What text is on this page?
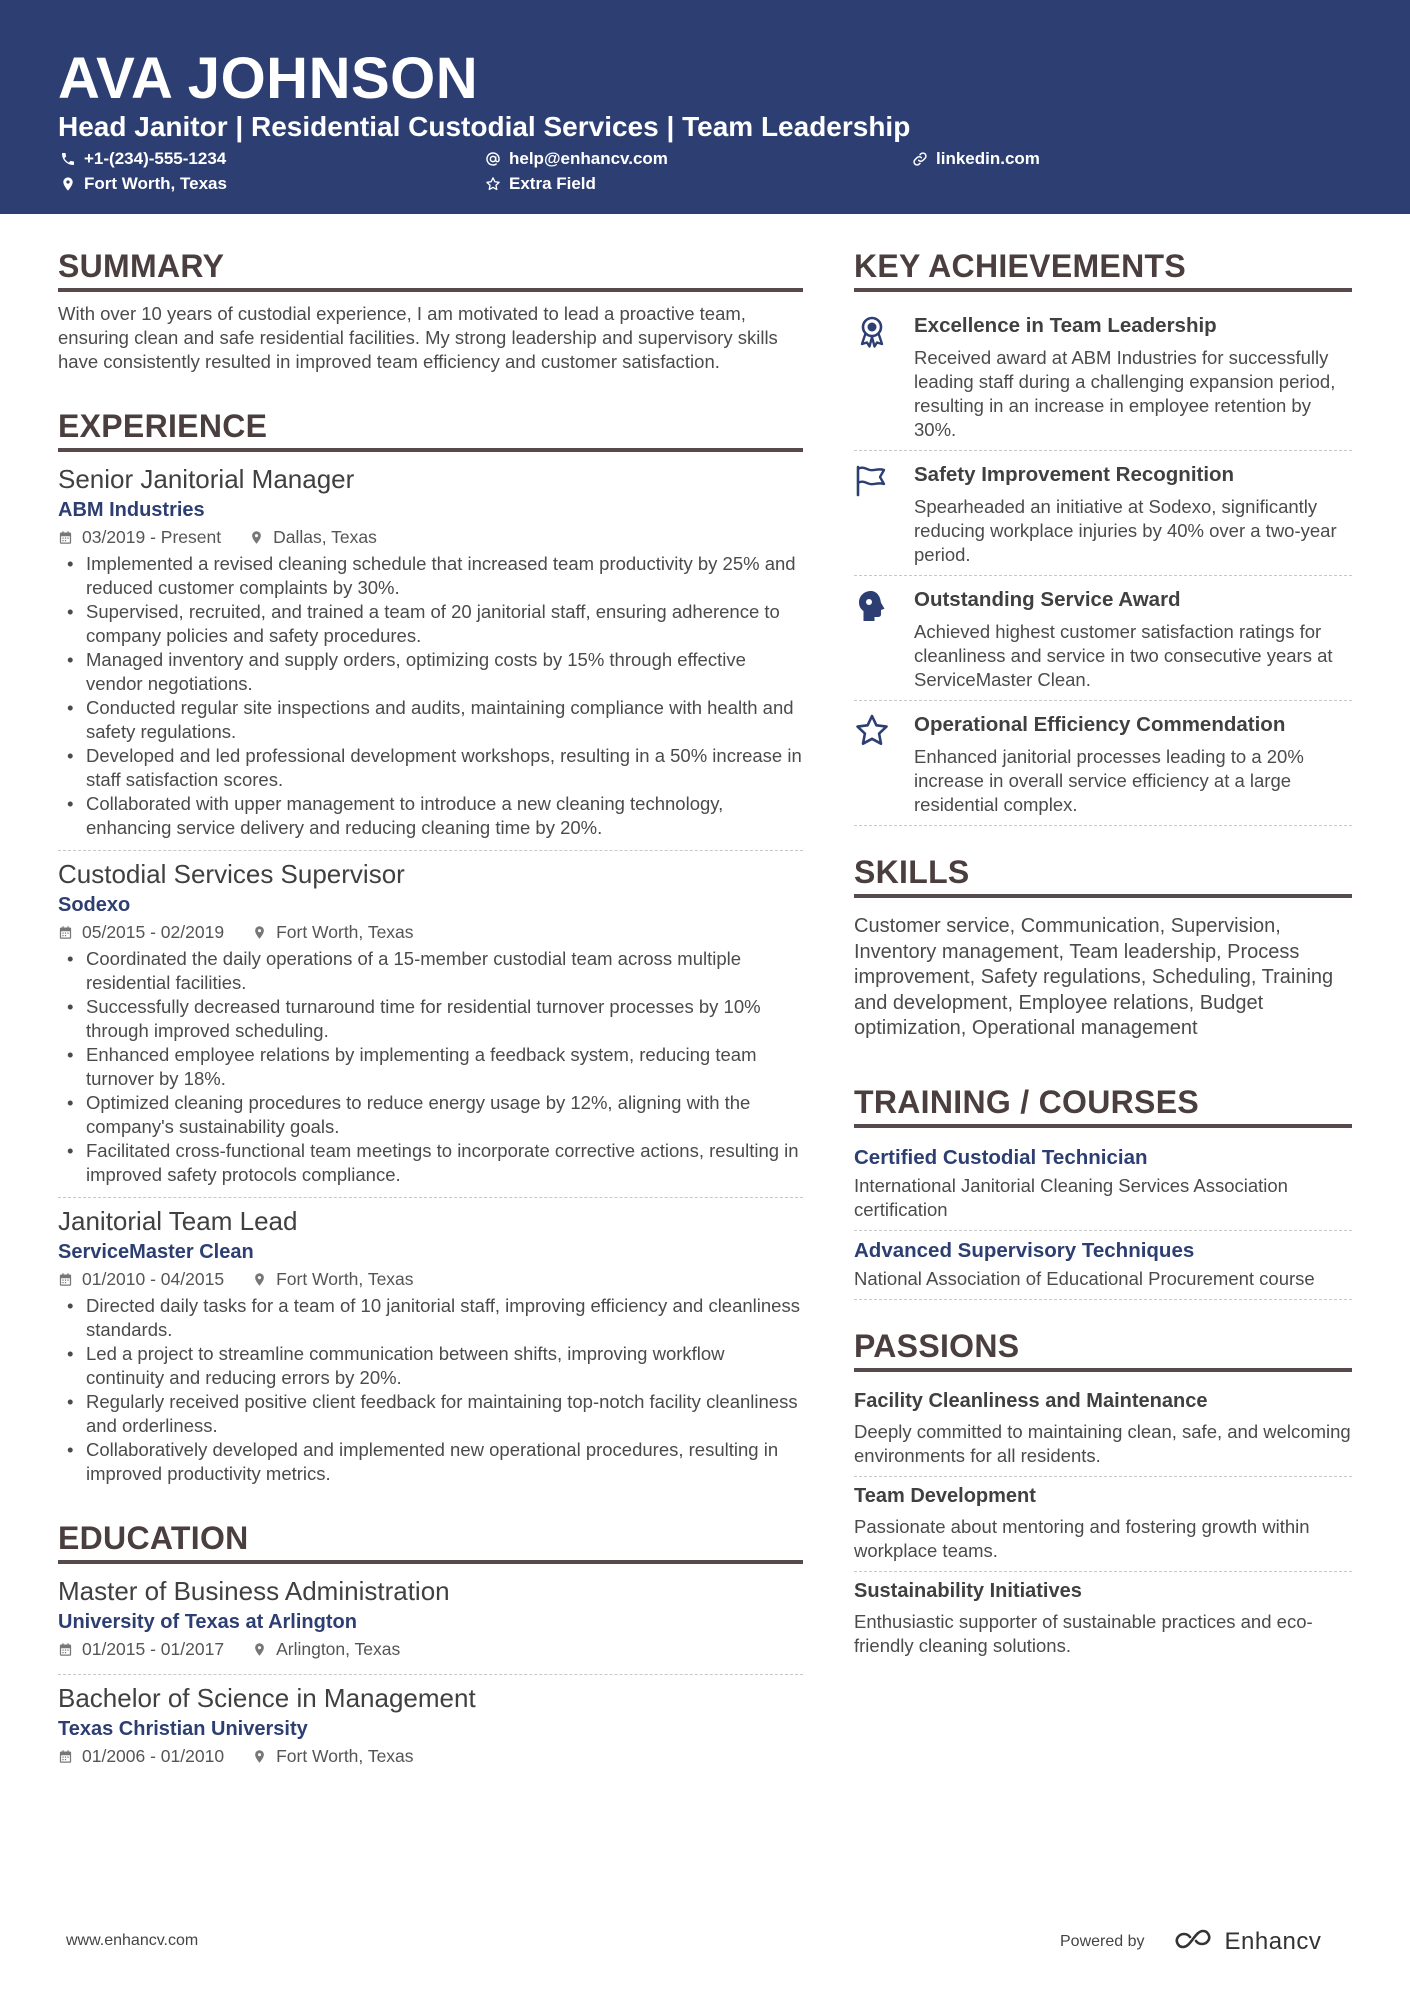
AVA JOHNSON
Head Janitor | Residential Custodial Services | Team Leadership
+1-(234)-555-1234	help@enhancv.com	linkedin.com
Fort Worth, Texas	Extra Field
SUMMARY
With over 10 years of custodial experience, I am motivated to lead a proactive team, ensuring clean and safe residential facilities. My strong leadership and supervisory skills have consistently resulted in improved team efficiency and customer satisfaction.
EXPERIENCE
Senior Janitorial Manager
ABM Industries
03/2019 - Present	Dallas, Texas
• Implemented a revised cleaning schedule that increased team productivity by 25% and reduced customer complaints by 30%.
• Supervised, recruited, and trained a team of 20 janitorial staff, ensuring adherence to company policies and safety procedures.
• Managed inventory and supply orders, optimizing costs by 15% through effective vendor negotiations.
• Conducted regular site inspections and audits, maintaining compliance with health and safety regulations.
• Developed and led professional development workshops, resulting in a 50% increase in staff satisfaction scores.
• Collaborated with upper management to introduce a new cleaning technology, enhancing service delivery and reducing cleaning time by 20%.
Custodial Services Supervisor
Sodexo
05/2015 - 02/2019	Fort Worth, Texas
• Coordinated the daily operations of a 15-member custodial team across multiple residential facilities.
• Successfully decreased turnaround time for residential turnover processes by 10% through improved scheduling.
• Enhanced employee relations by implementing a feedback system, reducing team turnover by 18%.
• Optimized cleaning procedures to reduce energy usage by 12%, aligning with the company's sustainability goals.
• Facilitated cross-functional team meetings to incorporate corrective actions, resulting in improved safety protocols compliance.
Janitorial Team Lead
ServiceMaster Clean
01/2010 - 04/2015	Fort Worth, Texas
• Directed daily tasks for a team of 10 janitorial staff, improving efficiency and cleanliness standards.
• Led a project to streamline communication between shifts, improving workflow continuity and reducing errors by 20%.
• Regularly received positive client feedback for maintaining top-notch facility cleanliness and orderliness.
• Collaboratively developed and implemented new operational procedures, resulting in improved productivity metrics.
EDUCATION
Master of Business Administration
University of Texas at Arlington
01/2015 - 01/2017	Arlington, Texas
Bachelor of Science in Management
Texas Christian University
01/2006 - 01/2010	Fort Worth, Texas
KEY ACHIEVEMENTS
Excellence in Team Leadership
Received award at ABM Industries for successfully leading staff during a challenging expansion period, resulting in an increase in employee retention by 30%.
Safety Improvement Recognition
Spearheaded an initiative at Sodexo, significantly reducing workplace injuries by 40% over a two-year period.
Outstanding Service Award
Achieved highest customer satisfaction ratings for cleanliness and service in two consecutive years at ServiceMaster Clean.
Operational Efficiency Commendation
Enhanced janitorial processes leading to a 20% increase in overall service efficiency at a large residential complex.
SKILLS
Customer service, Communication, Supervision, Inventory management, Team leadership, Process improvement, Safety regulations, Scheduling, Training and development, Employee relations, Budget optimization, Operational management
TRAINING / COURSES
Certified Custodial Technician
International Janitorial Cleaning Services Association certification
Advanced Supervisory Techniques
National Association of Educational Procurement course
PASSIONS
Facility Cleanliness and Maintenance
Deeply committed to maintaining clean, safe, and welcoming environments for all residents.
Team Development
Passionate about mentoring and fostering growth within workplace teams.
Sustainability Initiatives
Enthusiastic supporter of sustainable practices and eco-friendly cleaning solutions.
www.enhancv.com	Powered by	Enhancv
